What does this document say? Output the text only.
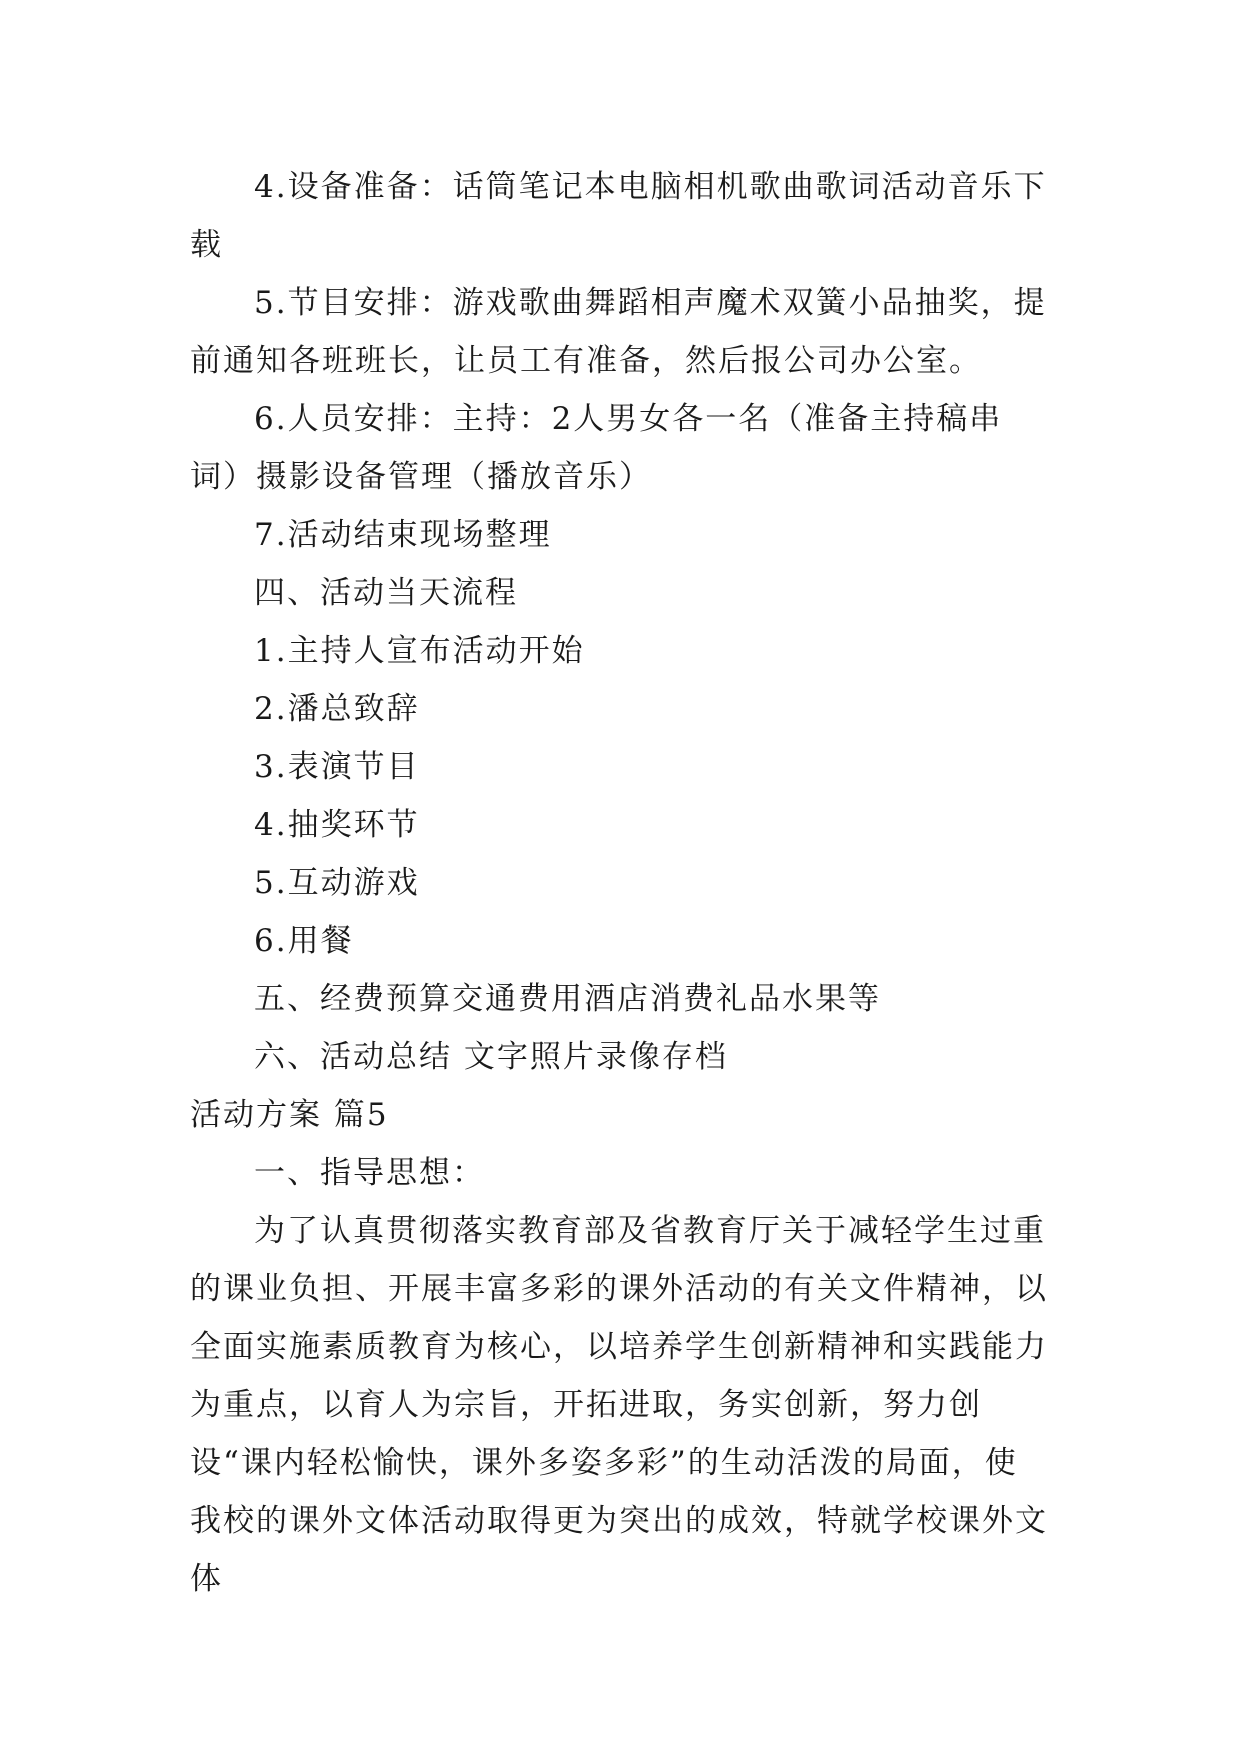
4.设备准备：话筒笔记本电脑相机歌曲歌词活动音乐下载

5.节目安排：游戏歌曲舞蹈相声魔术双簧小品抽奖，提前通知各班班长，让员工有准备，然后报公司办公室。

6.人员安排：主持：2人男女各一名（准备主持稿串词）摄影设备管理（播放音乐）

7.活动结束现场整理

四、活动当天流程

1.主持人宣布活动开始

2.潘总致辞

3.表演节目

4.抽奖环节

5.互动游戏

6.用餐

五、经费预算交通费用酒店消费礼品水果等

六、活动总结 文字照片录像存档

活动方案 篇5

一、指导思想：

为了认真贯彻落实教育部及省教育厅关于减轻学生过重的课业负担、开展丰富多彩的课外活动的有关文件精神，以全面实施素质教育为核心，以培养学生创新精神和实践能力为重点，以育人为宗旨，开拓进取，务实创新，努力创设“课内轻松愉快，课外多姿多彩”的生动活泼的局面，使我校的课外文体活动取得更为突出的成效，特就学校课外文体
